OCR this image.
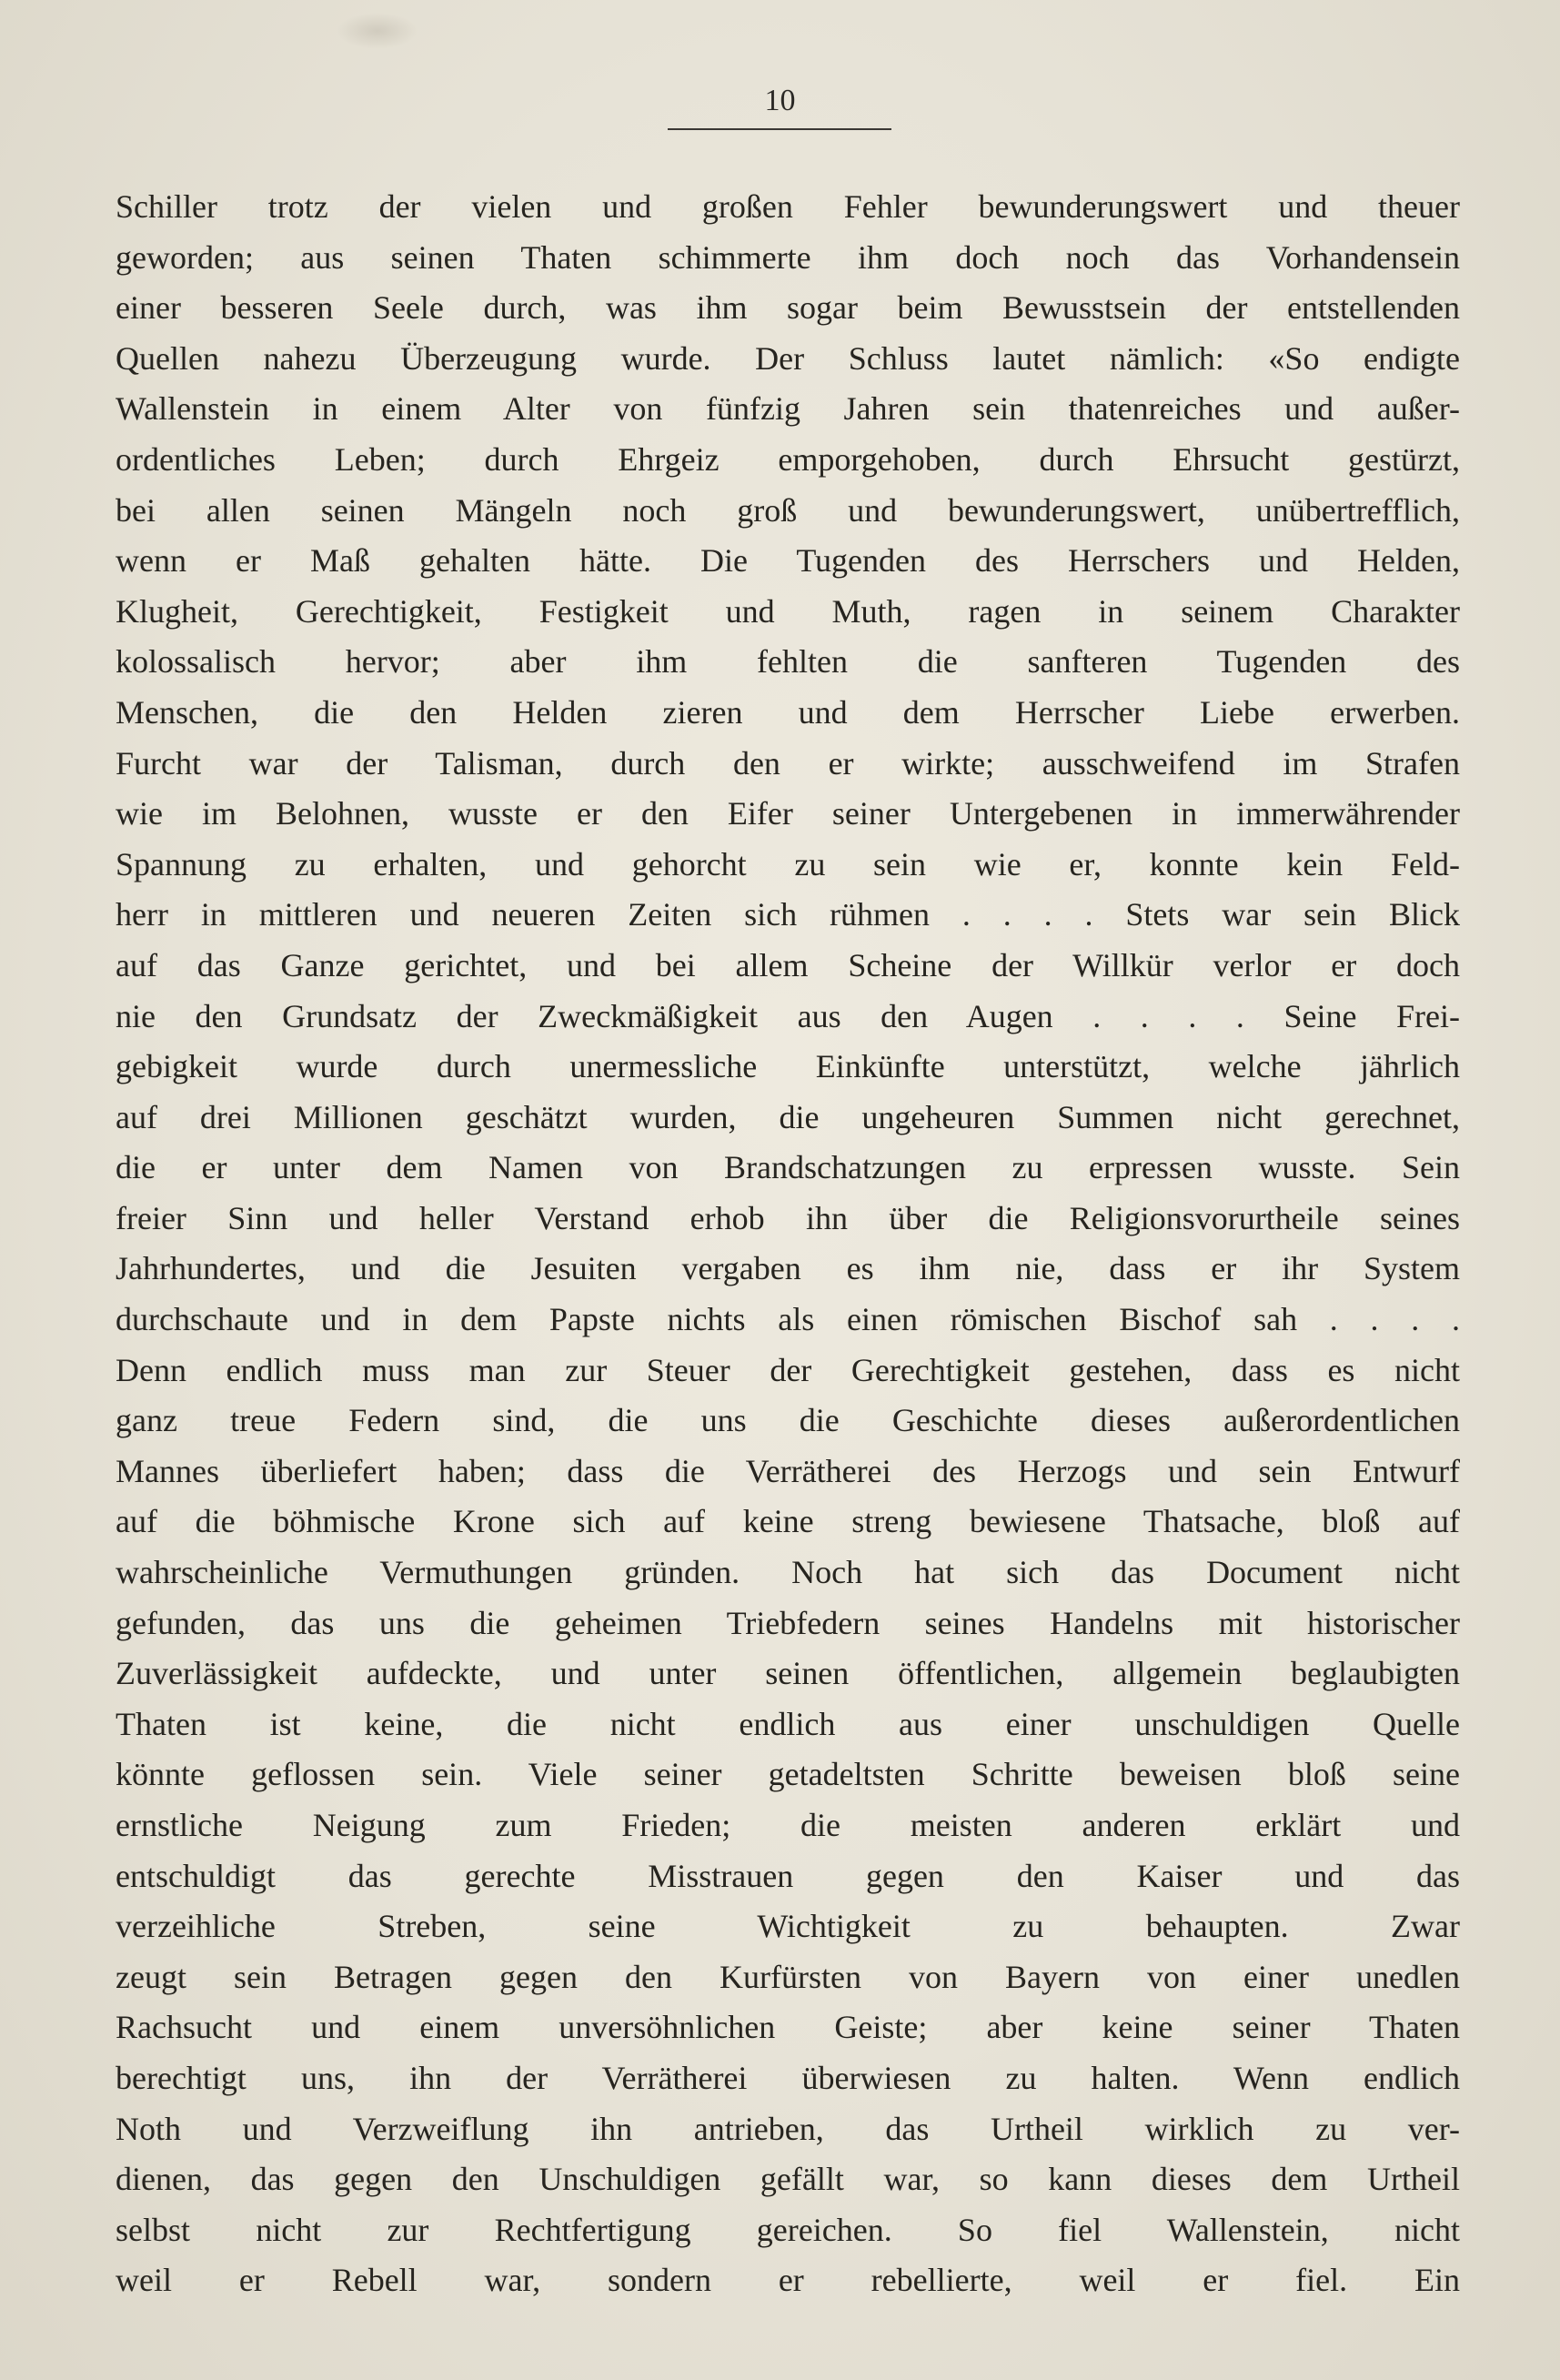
10
Schiller trotz der vielen und großen Fehler bewunderungswert und theuer
geworden; aus seinen Thaten schimmerte ihm doch noch das Vorhandensein
einer besseren Seele durch, was ihm sogar beim Bewusstsein der entstellenden
Quellen nahezu Überzeugung wurde. Der Schluss lautet nämlich: «So endigte
Wallenstein in einem Alter von fünfzig Jahren sein thatenreiches und außer-
ordentliches Leben; durch Ehrgeiz emporgehoben, durch Ehrsucht gestürzt,
bei allen seinen Mängeln noch groß und bewunderungswert, unübertrefflich,
wenn er Maß gehalten hätte. Die Tugenden des Herrschers und Helden,
Klugheit, Gerechtigkeit, Festigkeit und Muth, ragen in seinem Charakter
kolossalisch hervor; aber ihm fehlten die sanfteren Tugenden des
Menschen, die den Helden zieren und dem Herrscher Liebe erwerben.
Furcht war der Talisman, durch den er wirkte; ausschweifend im Strafen
wie im Belohnen, wusste er den Eifer seiner Untergebenen in immerwährender
Spannung zu erhalten, und gehorcht zu sein wie er, konnte kein Feld-
herr in mittleren und neueren Zeiten sich rühmen . . . . Stets war sein Blick
auf das Ganze gerichtet, und bei allem Scheine der Willkür verlor er doch
nie den Grundsatz der Zweckmäßigkeit aus den Augen . . . . Seine Frei-
gebigkeit wurde durch unermessliche Einkünfte unterstützt, welche jährlich
auf drei Millionen geschätzt wurden, die ungeheuren Summen nicht gerechnet,
die er unter dem Namen von Brandschatzungen zu erpressen wusste. Sein
freier Sinn und heller Verstand erhob ihn über die Religionsvorurtheile seines
Jahrhundertes, und die Jesuiten vergaben es ihm nie, dass er ihr System
durchschaute und in dem Papste nichts als einen römischen Bischof sah . . . .
Denn endlich muss man zur Steuer der Gerechtigkeit gestehen, dass es nicht
ganz treue Federn sind, die uns die Geschichte dieses außerordentlichen
Mannes überliefert haben; dass die Verrätherei des Herzogs und sein Entwurf
auf die böhmische Krone sich auf keine streng bewiesene Thatsache, bloß auf
wahrscheinliche Vermuthungen gründen. Noch hat sich das Document nicht
gefunden, das uns die geheimen Triebfedern seines Handelns mit historischer
Zuverlässigkeit aufdeckte, und unter seinen öffentlichen, allgemein beglaubigten
Thaten ist keine, die nicht endlich aus einer unschuldigen Quelle
könnte geflossen sein. Viele seiner getadeltsten Schritte beweisen bloß seine
ernstliche Neigung zum Frieden; die meisten anderen erklärt und
entschuldigt das gerechte Misstrauen gegen den Kaiser und das
verzeihliche Streben, seine Wichtigkeit zu behaupten. Zwar
zeugt sein Betragen gegen den Kurfürsten von Bayern von einer unedlen
Rachsucht und einem unversöhnlichen Geiste; aber keine seiner Thaten
berechtigt uns, ihn der Verrätherei überwiesen zu halten. Wenn endlich
Noth und Verzweiflung ihn antrieben, das Urtheil wirklich zu ver-
dienen, das gegen den Unschuldigen gefällt war, so kann dieses dem Urtheil
selbst nicht zur Rechtfertigung gereichen. So fiel Wallenstein, nicht
weil er Rebell war, sondern er rebellierte, weil er fiel. Ein
